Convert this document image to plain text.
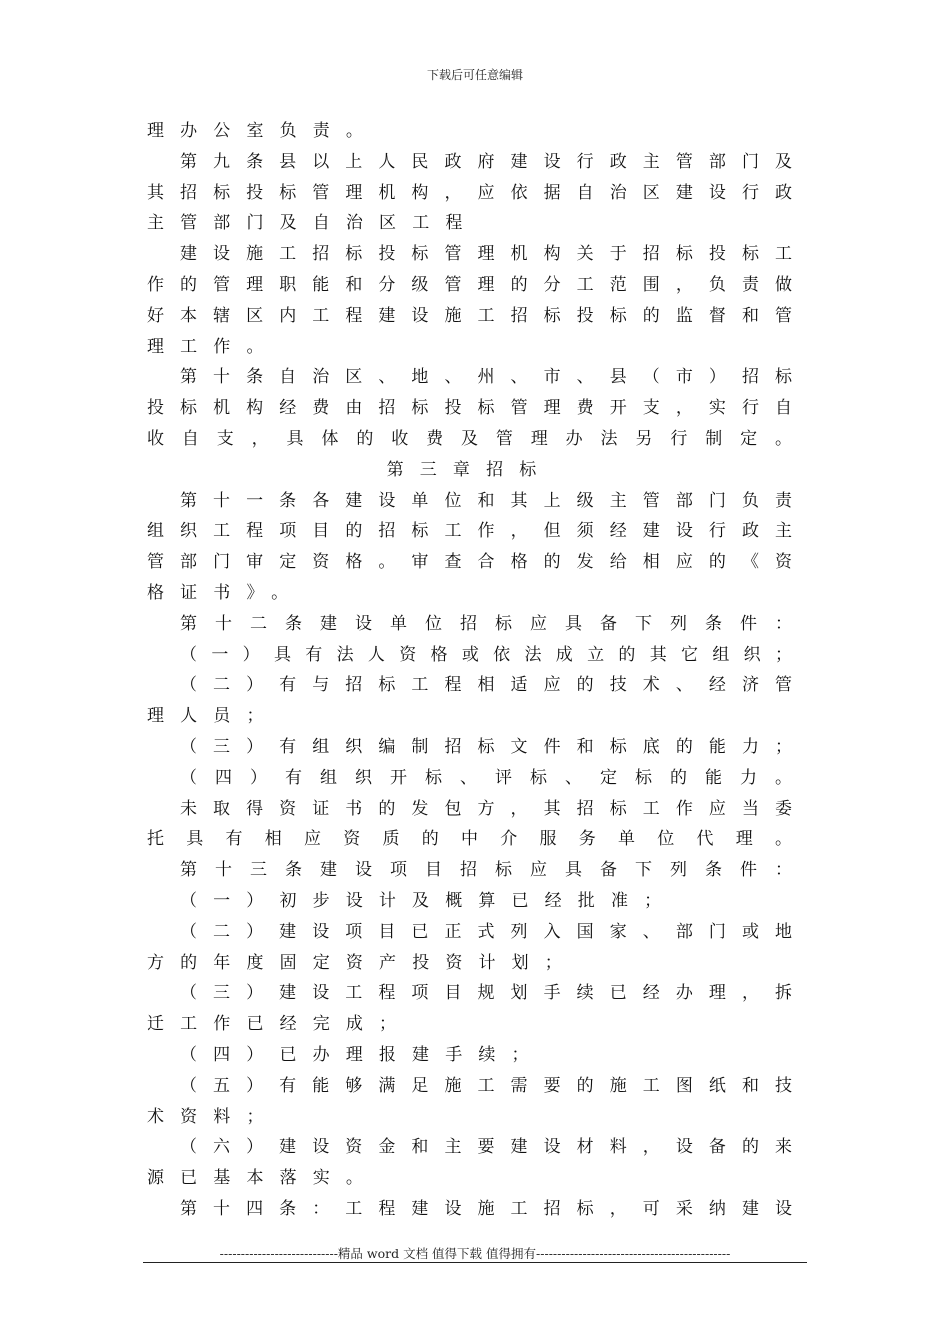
下载后可任意编辑
理办公室负责。
第九条县以上人民政府建设行政主管部门及
其招标投标管理机构，应依据自治区建设行政
主管部门及自治区工程
建设施工招标投标管理机构关于招标投标工
作的管理职能和分级管理的分工范围，负责做
好本辖区内工程建设施工招标投标的监督和管
理工作。
第十条自治区、地、州、市、县（市）招标
投标机构经费由招标投标管理费开支，实行自
收自支，具体的收费及管理办法另行制定。
第三章招标
第十一条各建设单位和其上级主管部门负责
组织工程项目的招标工作，但须经建设行政主
管部门审定资格。审查合格的发给相应的《资
格证书》。
第十二条建设单位招标应具备下列条件：
（一）具有法人资格或依法成立的其它组织；
（二）有与招标工程相适应的技术、经济管
理人员；
（三）有组织编制招标文件和标底的能力；
（四）有组织开标、评标、定标的能力。
未取得资证书的发包方，其招标工作应当委
托具有相应资质的中介服务单位代理。
第十三条建设项目招标应具备下列条件：
（一）初步设计及概算已经批准；
（二）建设项目已正式列入国家、部门或地
方的年度固定资产投资计划；
（三）建设工程项目规划手续已经办理，拆
迁工作已经完成；
（四）已办理报建手续；
（五）有能够满足施工需要的施工图纸和技
术资料；
（六）建设资金和主要建设材料，设备的来
源已基本落实。
第十四条：工程建设施工招标，可采纳建设
----------------------------精品 word 文档 值得下载 值得拥有----------------------------------------------
